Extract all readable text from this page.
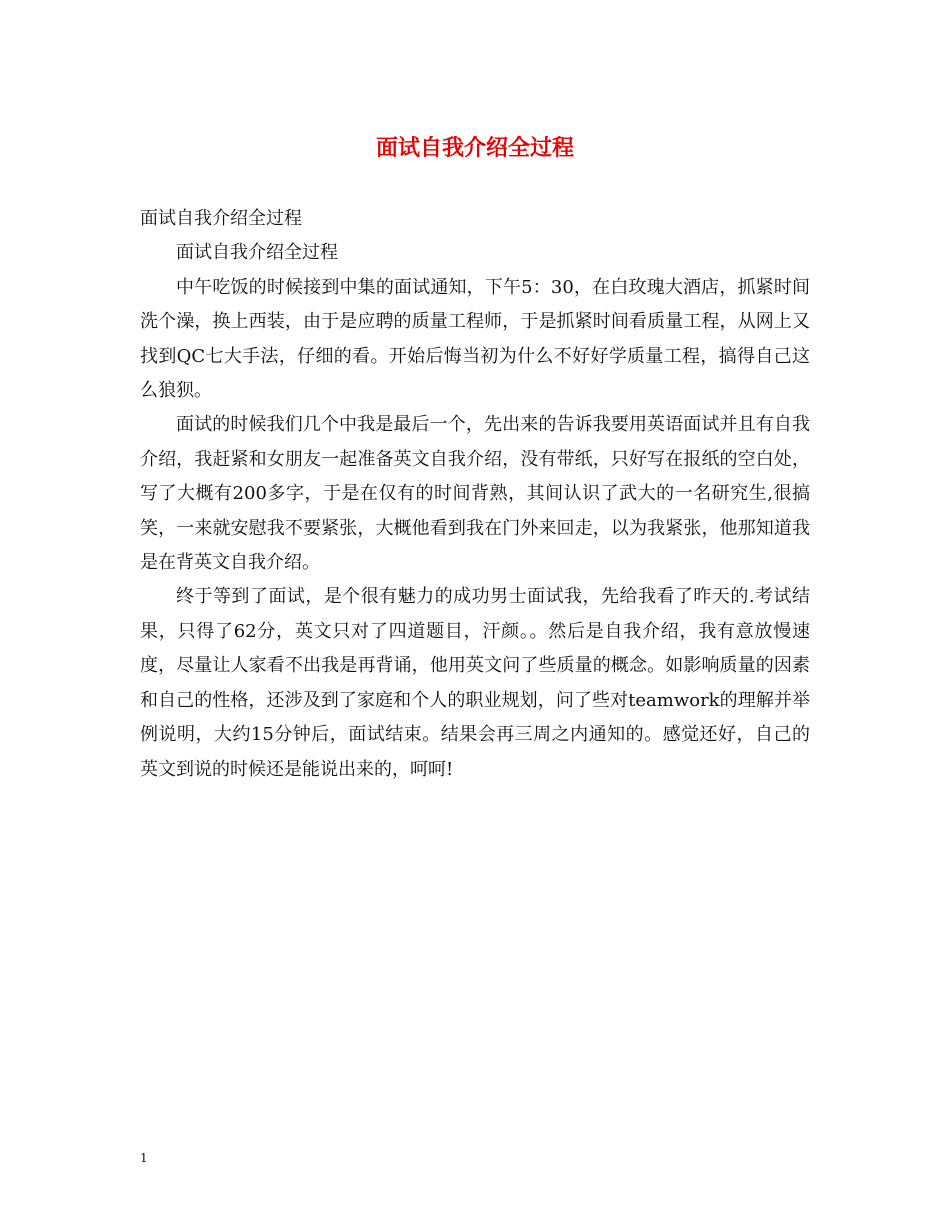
面试自我介绍全过程

面试自我介绍全过程

面试自我介绍全过程

中午吃饭的时候接到中集的面试通知，下午5：30，在白玫瑰大酒店，抓紧时间洗个澡，换上西装，由于是应聘的质量工程师，于是抓紧时间看质量工程，从网上又找到QC七大手法，仔细的看。开始后悔当初为什么不好好学质量工程，搞得自己这么狼狈。

面试的时候我们几个中我是最后一个，先出来的告诉我要用英语面试并且有自我介绍，我赶紧和女朋友一起准备英文自我介绍，没有带纸，只好写在报纸的空白处，写了大概有200多字，于是在仅有的时间背熟，其间认识了武大的一名研究生,很搞笑，一来就安慰我不要紧张，大概他看到我在门外来回走，以为我紧张，他那知道我是在背英文自我介绍。

终于等到了面试，是个很有魅力的成功男士面试我，先给我看了昨天的.考试结果，只得了62分，英文只对了四道题目，汗颜。。然后是自我介绍，我有意放慢速度，尽量让人家看不出我是再背诵，他用英文问了些质量的概念。如影响质量的因素和自己的性格，还涉及到了家庭和个人的职业规划，问了些对teamwork的理解并举例说明，大约15分钟后，面试结束。结果会再三周之内通知的。感觉还好，自己的英文到说的时候还是能说出来的，呵呵!

1
